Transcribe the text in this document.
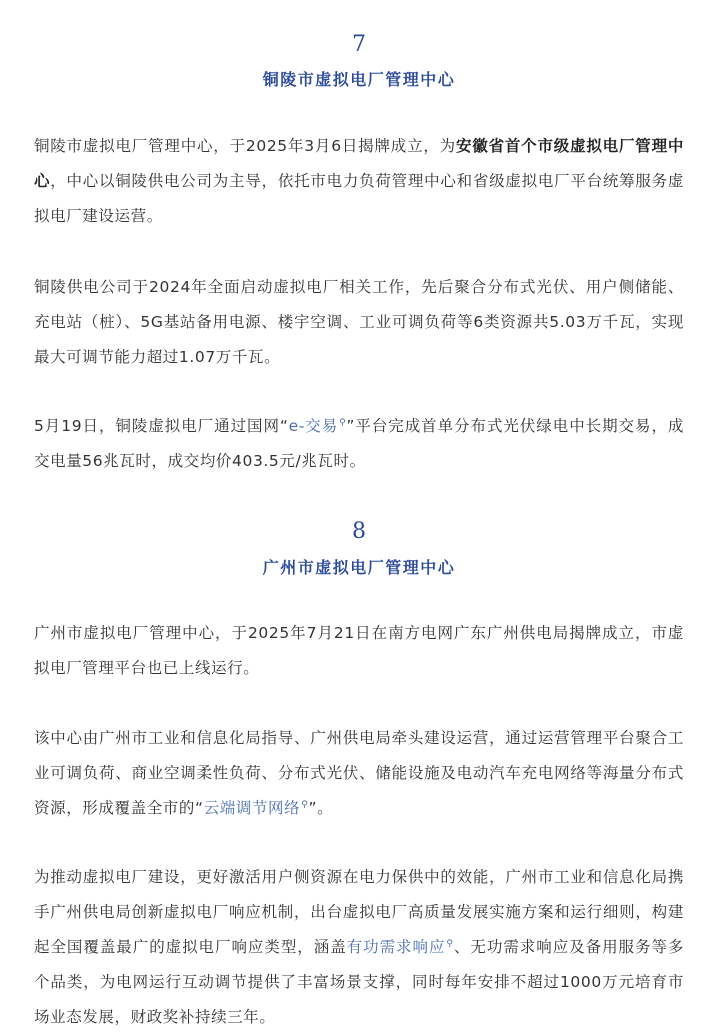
7
铜陵市虚拟电厂管理中心

铜陵市虚拟电厂管理中心，于2025年3月6日揭牌成立，为安徽省首个市级虚拟电厂管理中心，中心以铜陵供电公司为主导，依托市电力负荷管理中心和省级虚拟电厂平台统筹服务虚拟电厂建设运营。

铜陵供电公司于2024年全面启动虚拟电厂相关工作，先后聚合分布式光伏、用户侧储能、充电站（桩）、5G基站备用电源、楼宇空调、工业可调负荷等6类资源共5.03万千瓦，实现最大可调节能力超过1.07万千瓦。

5月19日，铜陵虚拟电厂通过国网“e-交易⚲”平台完成首单分布式光伏绿电中长期交易，成交电量56兆瓦时，成交均价403.5元/兆瓦时。

8
广州市虚拟电厂管理中心

广州市虚拟电厂管理中心，于2025年7月21日在南方电网广东广州供电局揭牌成立，市虚拟电厂管理平台也已上线运行。

该中心由广州市工业和信息化局指导、广州供电局牵头建设运营，通过运营管理平台聚合工业可调负荷、商业空调柔性负荷、分布式光伏、储能设施及电动汽车充电网络等海量分布式资源，形成覆盖全市的“云端调节网络⚲”。

为推动虚拟电厂建设，更好激活用户侧资源在电力保供中的效能，广州市工业和信息化局携手广州供电局创新虚拟电厂响应机制，出台虚拟电厂高质量发展实施方案和运行细则，构建起全国覆盖最广的虚拟电厂响应类型，涵盖有功需求响应⚲、无功需求响应及备用服务等多个品类，为电网运行互动调节提供了丰富场景支撑，同时每年安排不超过1000万元培育市场业态发展，财政奖补持续三年。
